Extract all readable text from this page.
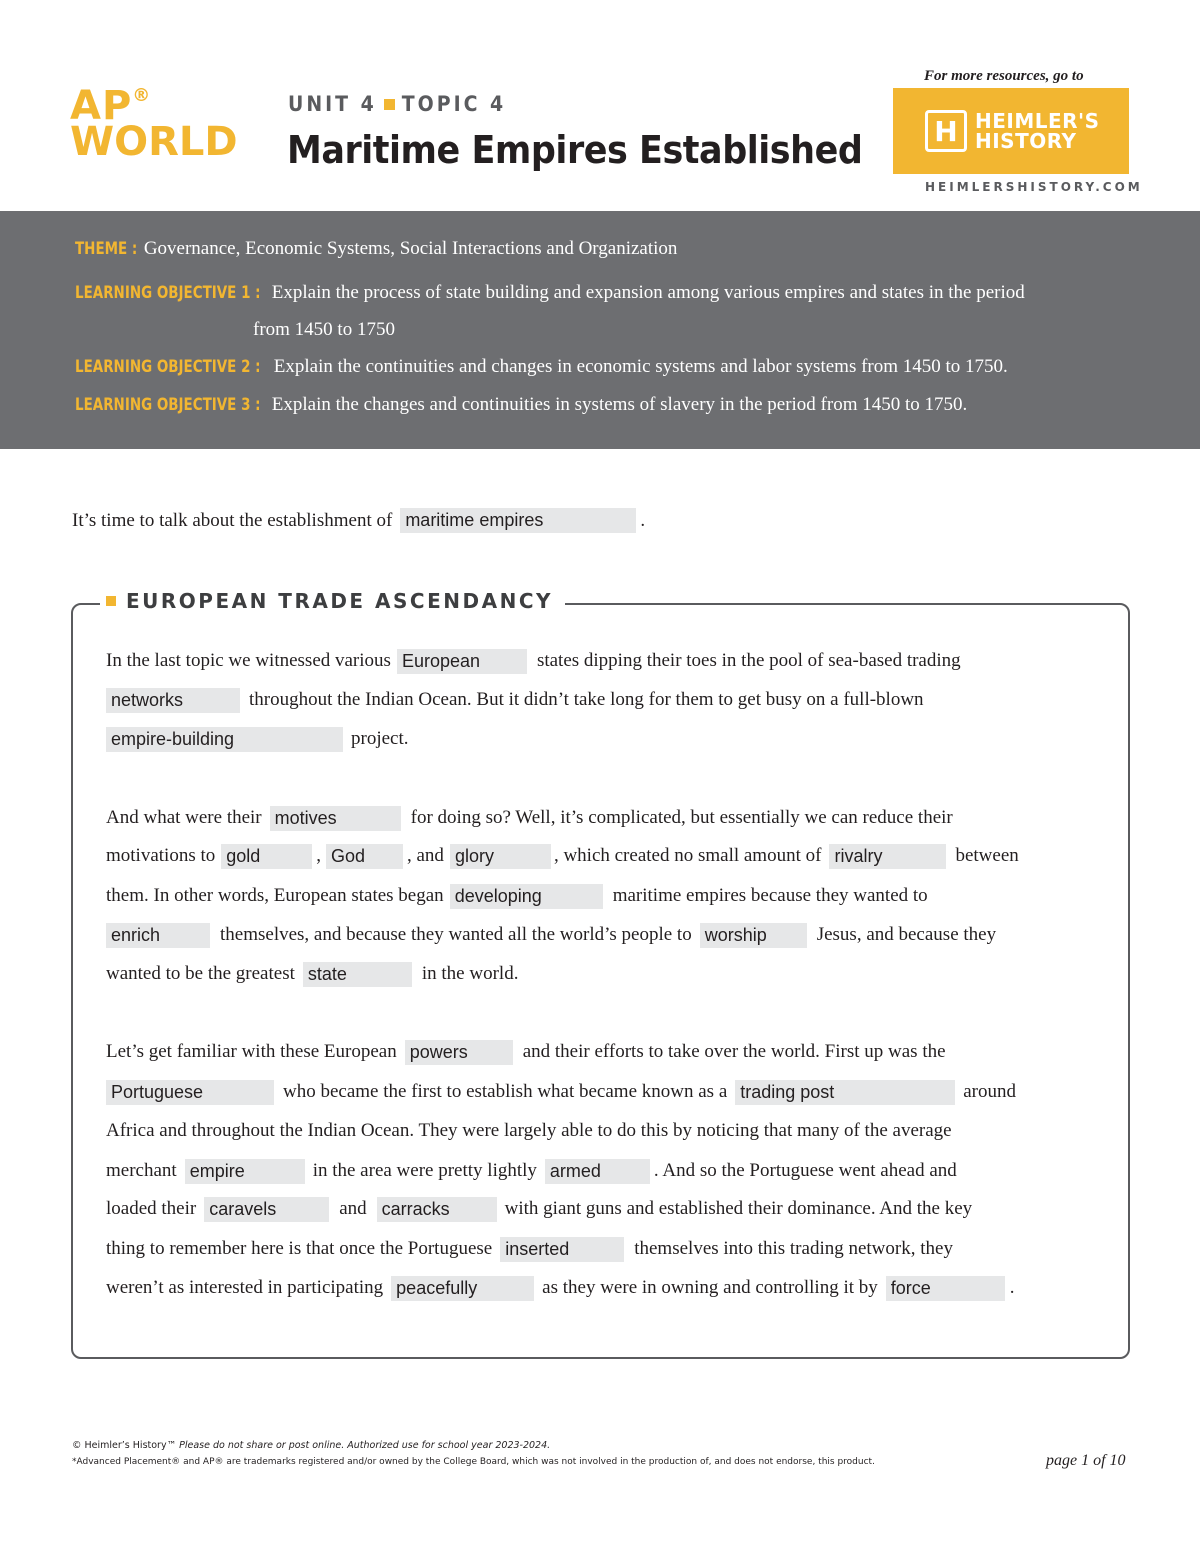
AP®
WORLD
UNIT 4 TOPIC 4
Maritime Empires Established
For more resources, go to
H HEIMLER'S
HISTORY
HEIMLERSHISTORY.COM
THEME : Governance, Economic Systems, Social Interactions and Organization
LEARNING OBJECTIVE 1 : Explain the process of state building and expansion among various empires and states in the period
from 1450 to 1750
LEARNING OBJECTIVE 2 : Explain the continuities and changes in economic systems and labor systems from 1450 to 1750.
LEARNING OBJECTIVE 3 : Explain the changes and continuities in systems of slavery in the period from 1450 to 1750.
It’s time to talk about the establishment of maritime empires	.
EUROPEAN TRADE ASCENDANCY
In the last topic we witnessed various European	states dipping their toes in the pool of sea-based trading
networks	throughout the Indian Ocean. But it didn’t take long for them to get busy on a full-blown
empire-building	project.
And what were their motives	for doing so? Well, it’s complicated, but essentially we can reduce their
motivations to gold	, God	, and glory	, which created no small amount of rivalry	between
them. In other words, European states began developing	maritime empires because they wanted to
enrich	themselves, and because they wanted all the world’s people to worship	Jesus, and because they
wanted to be the greatest state	in the world.
Let’s get familiar with these European powers	and their efforts to take over the world. First up was the
Portuguese	who became the first to establish what became known as a trading post	around
Africa and throughout the Indian Ocean. They were largely able to do this by noticing that many of the average
merchant empire	in the area were pretty lightly armed	. And so the Portuguese went ahead and
loaded their caravels	and carracks	with giant guns and established their dominance. And the key
thing to remember here is that once the Portuguese inserted	themselves into this trading network, they
weren’t as interested in participating peacefully	as they were in owning and controlling it by force	.
© Heimler’s History™ Please do not share or post online. Authorized use for school year 2023-2024.
*Advanced Placement® and AP® are trademarks registered and/or owned by the College Board, which was not involved in the production of, and does not endorse, this product.	page 1 of 10
